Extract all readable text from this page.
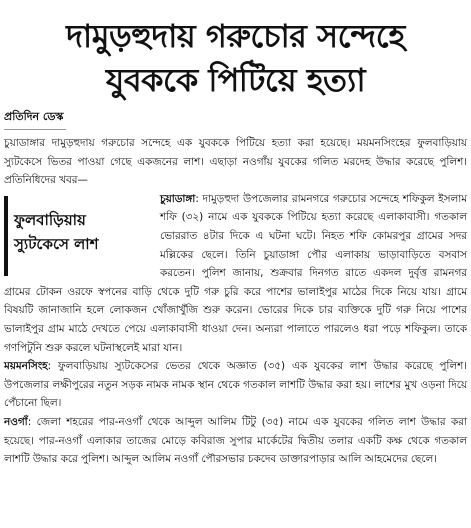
দামুড়হুদায় গরুচোর সন্দেহে
যুবককে পিটিয়ে হত্যা
প্রতিদিন ডেস্ক

চুয়াডাঙ্গার দামুড়হুদায় গরুচোর সন্দেহে এক যুবককে পিটিয়ে হত্যা করা হয়েছে। ময়মনসিংহের ফুলবাড়িয়ায় স্যুটকেসে ভিতর পাওয়া গেছে একজনের লাশ। এছাড়া নওগাঁয় যুবকের গলিত মরদেহ উদ্ধার করেছে পুলিশ। প্রতিনিধিদের খবর—

ফুলবাড়িয়ায়
স্যুটকেসে লাশ

চুয়াডাঙ্গা: দামুড়হুদা উপজেলার রামনগরে গরুচোর সন্দেহে শফিকুল ইসলাম শফি (৩২) নামে এক যুবককে পিটিয়ে হত্যা করেছে এলাকাবাসী। গতকাল ভোররাত ৪টার দিকে এ ঘটনা ঘটে। নিহত শফি কোমরপুর গ্রামের সদর মল্লিকের ছেলে। তিনি চুয়াডাঙ্গা পৌর এলাকায় ভাড়াবাড়িতে বসবাস করতেন। পুলিশ জানায়, শুক্রবার দিনগত রাতে একদল দুর্বৃত্ত রামনগর গ্রামের টোকন ওরফে স্বপনের বাড়ি থেকে দুটি গরু চুরি করে পাশের ভালাইপুর মাঠের দিকে নিয়ে যায়। গ্রামে বিষয়টি জানাজানি হলে লোকজন খোঁজাখুঁজি শুরু করেন। ভোরের দিকে চার ব্যক্তিকে দুটি গরু নিয়ে পাশের ভালাইপুর গ্রাম মাঠে দেখতে পেয়ে এলাকাবাসী ধাওয়া দেন। অন্যরা পালাতে পারলেও ধরা পড়ে শফিকুল। তাকে গণপিটুনি শুরু করলে ঘটনাস্থলেই মারা যান।

ময়মনসিংহ: ফুলবাড়িয়ায় স্যুটকেসের ভেতর থেকে অজ্ঞাত (৩৫) এক যুবকের লাশ উদ্ধার করেছে পুলিশ। উপজেলার লক্ষীপুরের নতুন সড়ক নামক নামক স্থান থেকে গতকাল লাশটি উদ্ধার করা হয়। লাশের মুখ ওড়না দিয়ে পেঁচানো ছিল।

নওগাঁ: জেলা শহরের পার-নওগাঁ থেকে আব্দুল আলিম টিটু (৩৫) নামে এক যুবকের গলিত লাশ উদ্ধার করা হয়েছে। পার-নওগাঁ এলাকার তাজের মোড়ে কবিরাজ সুপার মার্কেটের দ্বিতীয় তলার একটি কক্ষ থেকে গতকাল লাশটি উদ্ধার করে পুলিশ। আব্দুল আলিম নওগাঁ পৌরসভার চকদেব ডাক্তারপাড়ার আলি আহমেদের ছেলে।
